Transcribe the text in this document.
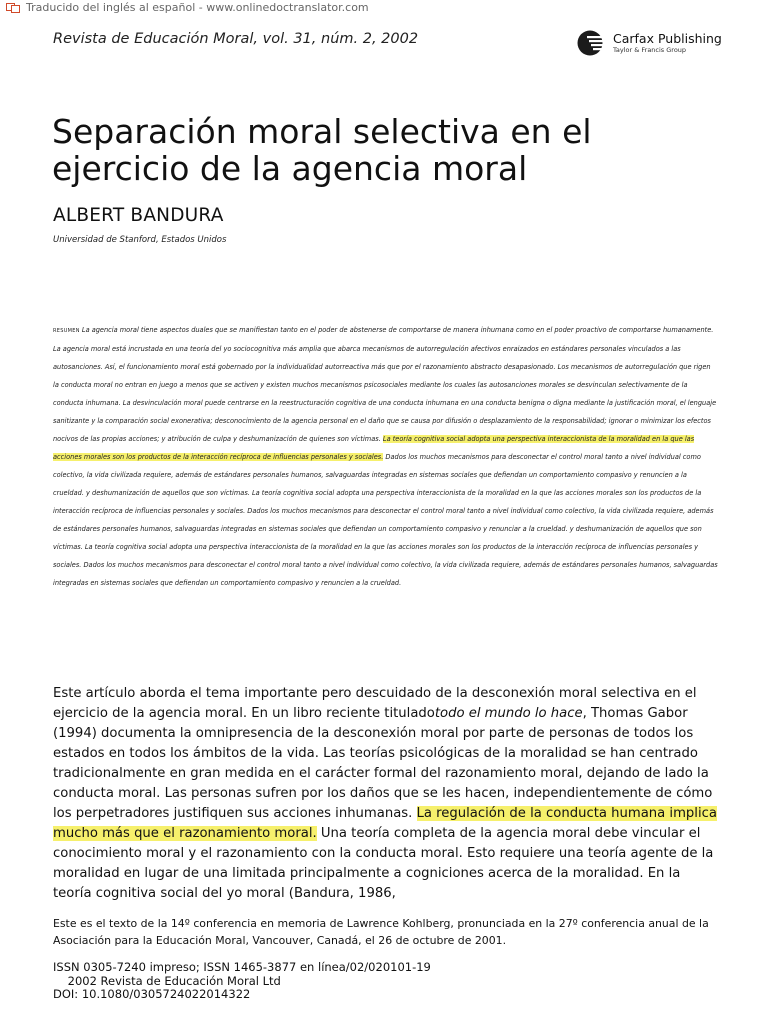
Traducido del inglés al español - www.onlinedoctranslator.com
Revista de Educación Moral, vol. 31, núm. 2, 2002	Carfax Publishing
Taylor & Francis Group
Separación moral selectiva en el ejercicio de la agencia moral
ALBERT BANDURA
Universidad de Stanford, Estados Unidos

RESUMEN La agencia moral tiene aspectos duales que se manifiestan tanto en el poder de abstenerse de comportarse de manera inhumana como en el poder proactivo de comportarse humanamente. La agencia moral está incrustada en una teoría del yo sociocognitiva más amplia que abarca mecanismos de autorregulación afectivos enraizados en estándares personales vinculados a las autosanciones. Así, el funcionamiento moral está gobernado por la individualidad autorreactiva más que por el razonamiento abstracto desapasionado. Los mecanismos de autorregulación que rigen la conducta moral no entran en juego a menos que se activen y existen muchos mecanismos psicosociales mediante los cuales las autosanciones morales se desvinculan selectivamente de la conducta inhumana. La desvinculación moral puede centrarse en la reestructuración cognitiva de una conducta inhumana en una conducta benigna o digna mediante la justificación moral, el lenguaje sanitizante y la comparación social exonerativa; desconocimiento de la agencia personal en el daño que se causa por difusión o desplazamiento de la responsabilidad; ignorar o minimizar los efectos nocivos de las propias acciones; y atribución de culpa y deshumanización de quienes son víctimas. La teoría cognitiva social adopta una perspectiva interaccionista de la moralidad en la que las acciones morales son los productos de la interacción recíproca de influencias personales y sociales. Dados los muchos mecanismos para desconectar el control moral tanto a nivel individual como colectivo, la vida civilizada requiere, además de estándares personales humanos, salvaguardas integradas en sistemas sociales que defiendan un comportamiento compasivo y renuncien a la crueldad. y deshumanización de aquellos que son víctimas. La teoría cognitiva social adopta una perspectiva interaccionista de la moralidad en la que las acciones morales son los productos de la interacción recíproca de influencias personales y sociales. Dados los muchos mecanismos para desconectar el control moral tanto a nivel individual como colectivo, la vida civilizada requiere, además de estándares personales humanos, salvaguardas integradas en sistemas sociales que defiendan un comportamiento compasivo y renunciar a la crueldad. y deshumanización de aquellos que son víctimas. La teoría cognitiva social adopta una perspectiva interaccionista de la moralidad en la que las acciones morales son los productos de la interacción recíproca de influencias personales y sociales. Dados los muchos mecanismos para desconectar el control moral tanto a nivel individual como colectivo, la vida civilizada requiere, además de estándares personales humanos, salvaguardas integradas en sistemas sociales que defiendan un comportamiento compasivo y renuncien a la crueldad.

Este artículo aborda el tema importante pero descuidado de la desconexión moral selectiva en el ejercicio de la agencia moral. En un libro reciente tituladotodo el mundo lo hace, Thomas Gabor (1994) documenta la omnipresencia de la desconexión moral por parte de personas de todos los estados en todos los ámbitos de la vida. Las teorías psicológicas de la moralidad se han centrado tradicionalmente en gran medida en el carácter formal del razonamiento moral, dejando de lado la conducta moral. Las personas sufren por los daños que se les hacen, independientemente de cómo los perpetradores justifiquen sus acciones inhumanas. La regulación de la conducta humana implica mucho más que el razonamiento moral. Una teoría completa de la agencia moral debe vincular el conocimiento moral y el razonamiento con la conducta moral. Esto requiere una teoría agente de la moralidad en lugar de una limitada principalmente a cogniciones acerca de la moralidad. En la teoría cognitiva social del yo moral (Bandura, 1986,

Este es el texto de la 14º conferencia en memoria de Lawrence Kohlberg, pronunciada en la 27º conferencia anual de la Asociación para la Educación Moral, Vancouver, Canadá, el 26 de octubre de 2001.

ISSN 0305-7240 impreso; ISSN 1465-3877 en línea/02/020101-19
2002 Revista de Educación Moral Ltd
DOI: 10.1080/0305724022014322
